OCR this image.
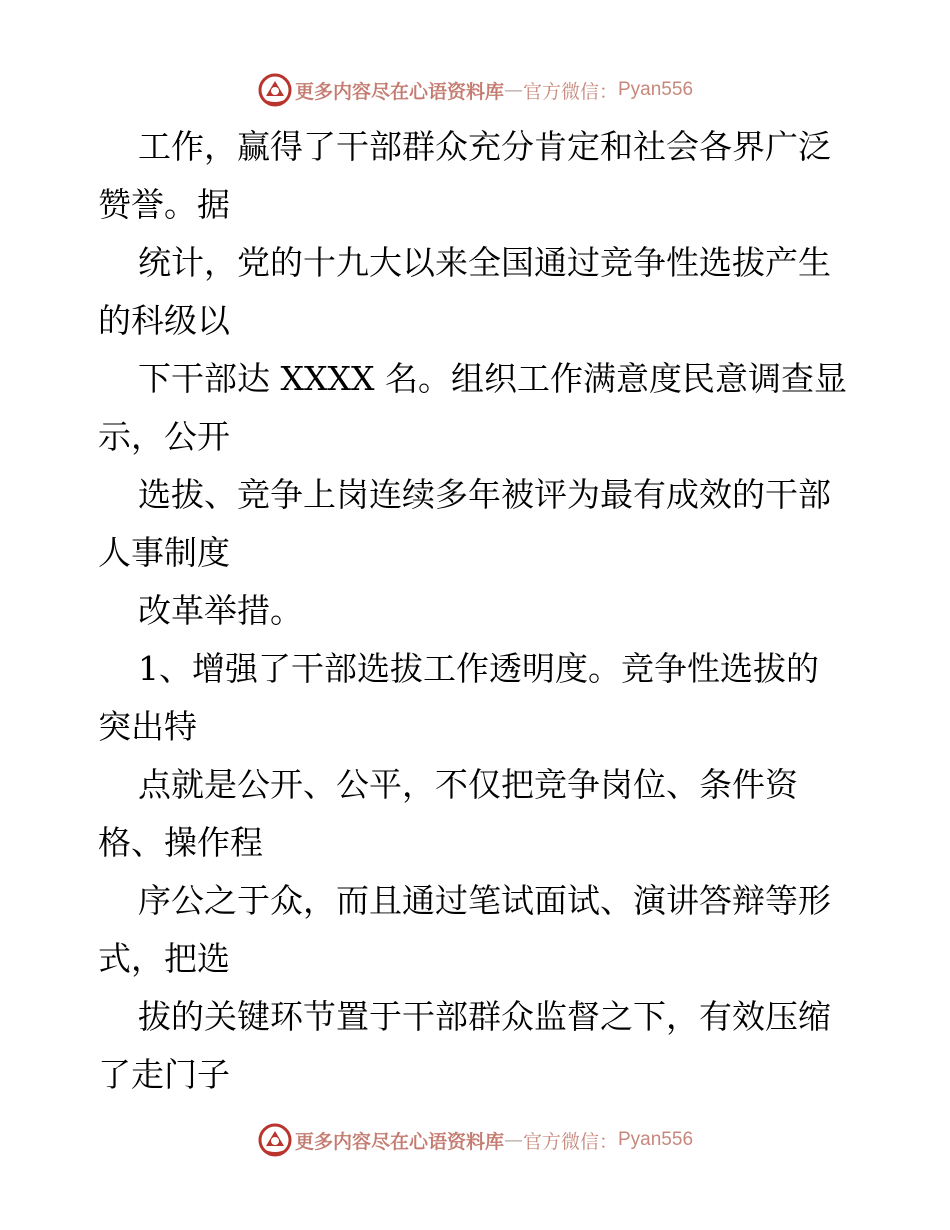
更多内容尽在心语资料库 — 官方微信： Pyan556
工作，赢得了干部群众充分肯定和社会各界广泛
赞誉。据
统计，党的十九大以来全国通过竞争性选拔产生
的科级以
下干部达 XXXX 名。组织工作满意度民意调查显
示，公开
选拔、竞争上岗连续多年被评为最有成效的干部
人事制度
改革举措。
1、增强了干部选拔工作透明度。竞争性选拔的
突出特
点就是公开、公平，不仅把竞争岗位、条件资
格、操作程
序公之于众，而且通过笔试面试、演讲答辩等形
式，把选
拔的关键环节置于干部群众监督之下，有效压缩
了走门子
更多内容尽在心语资料库 — 官方微信： Pyan556
